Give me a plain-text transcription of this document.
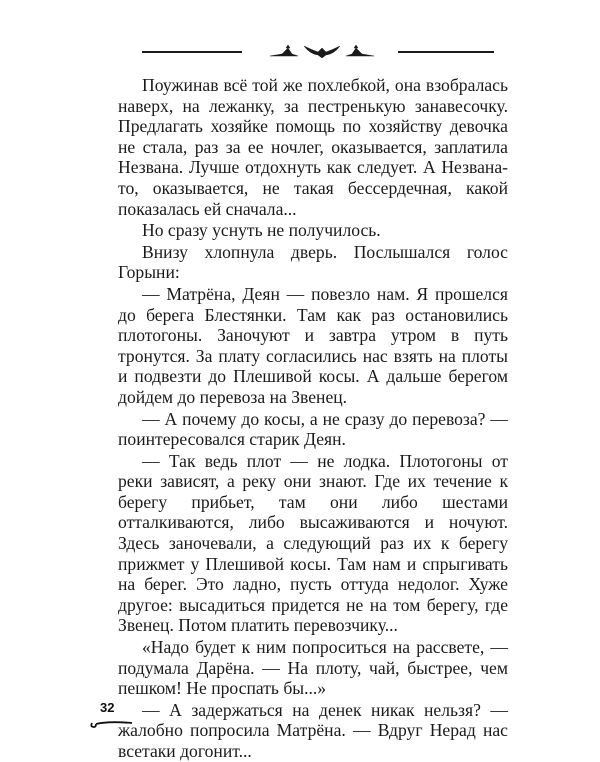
Поужинав всё той же похлебкой, она взобралась наверх, на лежанку, за пестренькую занавесочку. Предлагать хозяйке помощь по хозяйству девочка не стала, раз за ее ночлег, оказывается, заплатила Незвана. Лучше отдохнуть как следует. А Незвана-то, оказывается, не такая бессердечная, какой показалась ей сначала...

Но сразу уснуть не получилось.

Внизу хлопнула дверь. Послышался голос Горыни:

— Матрёна, Деян — повезло нам. Я прошелся до берега Блестянки. Там как раз остановились плотогоны. Заночуют и завтра утром в путь тронутся. За плату согласились нас взять на плоты и подвезти до Плешивой косы. А дальше берегом дойдем до перевоза на Звенец.

— А почему до косы, а не сразу до перевоза? — поинтересовался старик Деян.

— Так ведь плот — не лодка. Плотогоны от реки зависят, а реку они знают. Где их течение к берегу прибьет, там они либо шестами отталкиваются, либо высаживаются и ночуют. Здесь заночевали, а следующий раз их к берегу прижмет у Плешивой косы. Там нам и спрыгивать на берег. Это ладно, пусть оттуда недолог. Хуже другое: высадиться придется не на том берегу, где Звенец. Потом платить перевозчику...

«Надо будет к ним попроситься на рассвете, — подумала Дарёна. — На плоту, чай, быстрее, чем пешком! Не проспать бы...»

— А задержаться на денек никак нельзя? — жалобно попросила Матрёна. — Вдруг Нерад нас всетаки догонит...

32
